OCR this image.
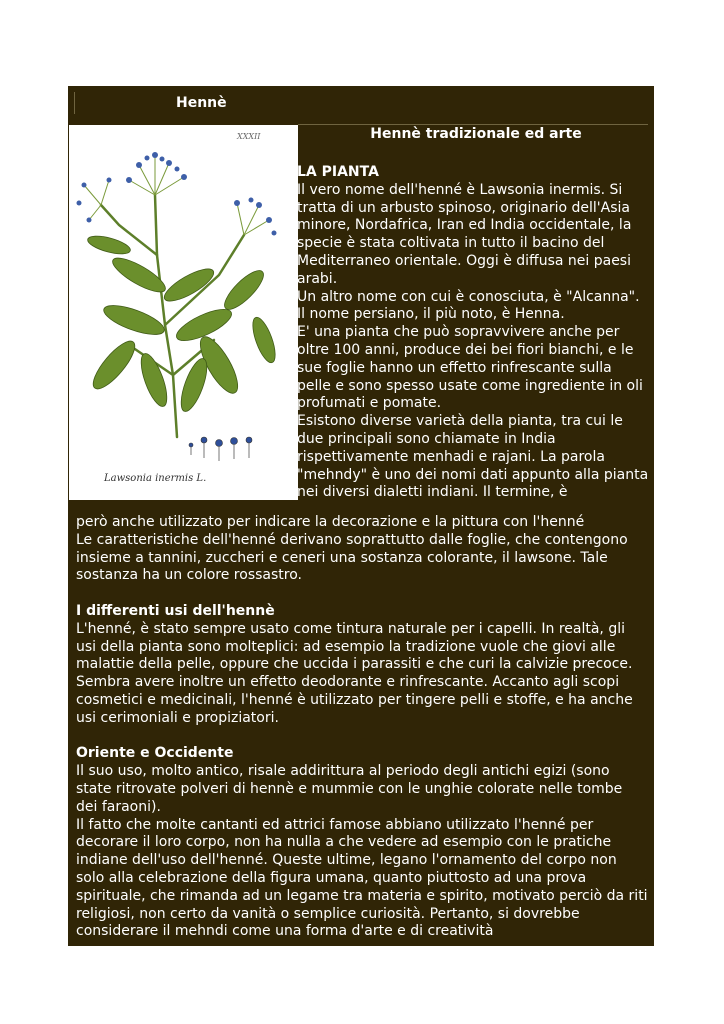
Hennè
XXXII
Lawsonia inermis L.
Hennè tradizionale ed arte

LA PIANTA

Il vero nome dell'henné è Lawsonia inermis. Si tratta di un arbusto spinoso, originario dell'Asia minore, Nordafrica, Iran ed India occidentale, la specie è stata coltivata in tutto il bacino del Mediterraneo orientale. Oggi è diffusa nei paesi arabi.

Un altro nome con cui è conosciuta, è "Alcanna". Il nome persiano, il più noto, è Henna.

E' una pianta che può sopravvivere anche per oltre 100 anni, produce dei bei fiori bianchi, e le sue foglie hanno un effetto rinfrescante sulla pelle e sono spesso usate come ingrediente in oli profumati e pomate.

Esistono diverse varietà della pianta, tra cui le due principali sono chiamate in India rispettivamente menhadi e rajani. La parola "mehndy" è uno dei nomi dati appunto alla pianta nei diversi dialetti indiani. Il termine, è

però anche utilizzato per indicare la decorazione e la pittura con l'henné

Le caratteristiche dell'henné derivano soprattutto dalle foglie, che contengono insieme a tannini, zuccheri e ceneri una sostanza colorante, il lawsone. Tale sostanza ha un colore rossastro.

I differenti usi dell'hennè

L'henné, è stato sempre usato come tintura naturale per i capelli. In realtà, gli usi della pianta sono molteplici: ad esempio la tradizione vuole che giovi alle malattie della pelle, oppure che uccida i parassiti e che curi la calvizie precoce. Sembra avere inoltre un effetto deodorante e rinfrescante. Accanto agli scopi cosmetici e medicinali, l'henné è utilizzato per tingere pelli e stoffe, e ha anche usi cerimoniali e propiziatori.

Oriente e Occidente

Il suo uso, molto antico, risale addirittura al periodo degli antichi egizi (sono state ritrovate polveri di hennè e mummie con le unghie colorate nelle tombe dei faraoni).

Il fatto che molte cantanti ed attrici famose abbiano utilizzato l'henné per decorare il loro corpo, non ha nulla a che vedere ad esempio con le pratiche indiane dell'uso dell'henné. Queste ultime, legano l'ornamento del corpo non solo alla celebrazione della figura umana, quanto piuttosto ad una prova spirituale, che rimanda ad un legame tra materia e spirito, motivato perciò da riti religiosi, non certo da vanità o semplice curiosità. Pertanto, si dovrebbe considerare il mehndi come una forma d'arte e di creatività
